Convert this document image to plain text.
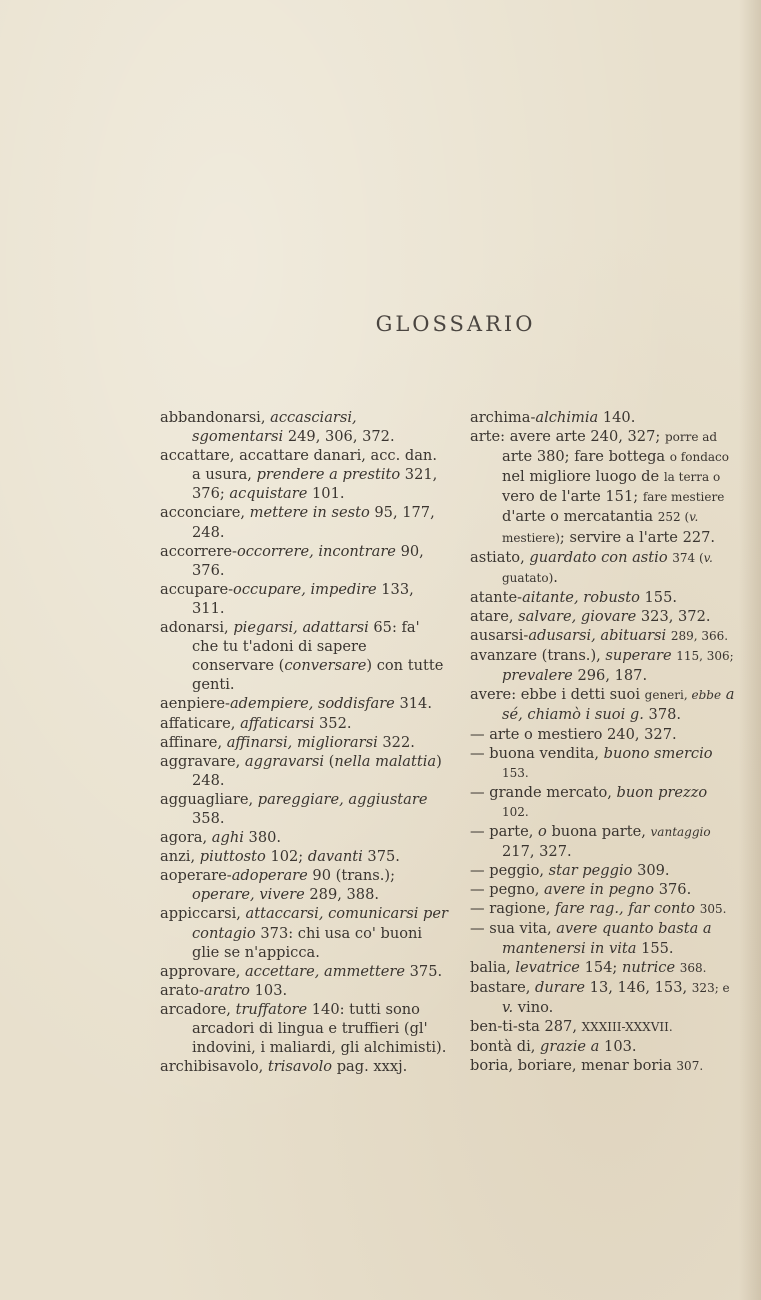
GLOSSARIO

abbandonarsi, accasciarsi, sgomentarsi 249, 306, 372.

accattare, accattare danari, acc. dan. a usura, prendere a prestito 321, 376; acquistare 101.

acconciare, mettere in sesto 95, 177, 248.

accorrere-occorrere, incontrare 90, 376.

accupare-occupare, impedire 133, 311.

adonarsi, piegarsi, adattarsi 65: fa' che tu t'adoni di sapere conservare (conversare) con tutte genti.

aenpiere-adempiere, soddisfare 314.

affaticare, affaticarsi 352.

affinare, affinarsi, migliorarsi 322.

aggravare, aggravarsi (nella malattia) 248.

agguagliare, pareggiare, aggiustare 358.

agora, aghi 380.

anzi, piuttosto 102; davanti 375.

aoperare-adoperare 90 (trans.); operare, vivere 289, 388.

appiccarsi, attaccarsi, comunicarsi per contagio 373: chi usa co' buoni glie se n'appicca.

approvare, accettare, ammettere 375.

arato-aratro 103.

arcadore, truffatore 140: tutti sono arcadori di lingua e truffieri (gl' indovini, i maliardi, gli alchimisti).

archibisavolo, trisavolo pag. xxxj.

archima-alchimia 140.

arte: avere arte 240, 327; porre ad arte 380; fare bottega o fondaco nel migliore luogo de la terra o vero de l'arte 151; fare mestiere d'arte o mercatantia 252 (v. mestiere); servire a l'arte 227.

astiato, guardato con astio 374 (v. guatato).

atante-aitante, robusto 155.

atare, salvare, giovare 323, 372.

ausarsi-adusarsi, abituarsi 289, 366.

avanzare (trans.), superare 115, 306; prevalere 296, 187.

avere: ebbe i detti suoi generi, ebbe a sé, chiamò i suoi g. 378.

— arte o mestiero 240, 327.

— buona vendita, buono smercio 153.

— grande mercato, buon prezzo 102.

— parte, o buona parte, vantaggio 217, 327.

— peggio, star peggio 309.

— pegno, avere in pegno 376.

— ragione, fare rag., far conto 305.

— sua vita, avere quanto basta a mantenersi in vita 155.

balia, levatrice 154; nutrice 368.

bastare, durare 13, 146, 153, 323; e v. vino.

ben-ti-sta 287, XXXIII-XXXVII.

bontà di, grazie a 103.

boria, boriare, menar boria 307.
